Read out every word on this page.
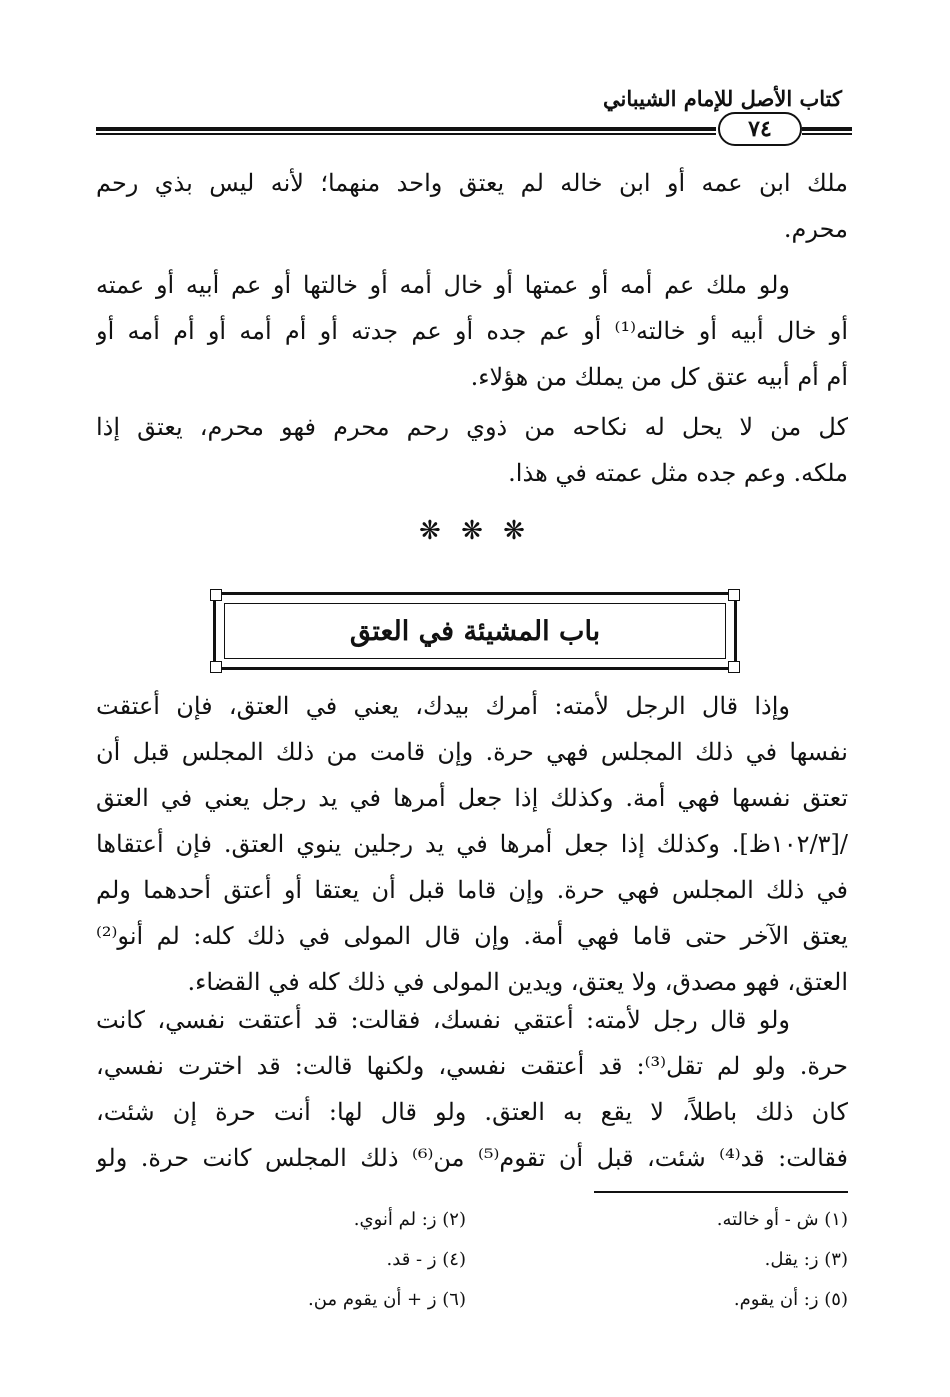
كتاب الأصل للإمام الشيباني
٧٤
ملك ابن عمه أو ابن خاله لم يعتق واحد منهما؛ لأنه ليس بذي رحم
محرم.
ولو ملك عم أمه أو عمتها أو خال أمه أو خالتها أو عم أبيه أو عمته
أو خال أبيه أو خالته⁽¹⁾ أو عم جده أو عم جدته أو أم أمه أو أم أمه أو
أم أم أبيه عتق كل من يملك من هؤلاء.
كل من لا يحل له نكاحه من ذوي رحم محرم فهو محرم، يعتق إذا
ملكه. وعم جده مثل عمته في هذا.
❋ ❋ ❋
باب المشيئة في العتق
وإذا قال الرجل لأمته: أمرك بيدك، يعني في العتق، فإن أعتقت
نفسها في ذلك المجلس فهي حرة. وإن قامت من ذلك المجلس قبل أن
تعتق نفسها فهي أمة. وكذلك إذا جعل أمرها في يد رجل يعني في العتق
/[١٠٢/٣ظ]. وكذلك إذا جعل أمرها في يد رجلين ينوي العتق. فإن أعتقاها
في ذلك المجلس فهي حرة. وإن قاما قبل أن يعتقا أو أعتق أحدهما ولم
يعتق الآخر حتى قاما فهي أمة. وإن قال المولى في ذلك كله: لم أنو⁽²⁾
العتق، فهو مصدق، ولا يعتق، ويدين المولى في ذلك كله في القضاء.
ولو قال رجل لأمته: أعتقي نفسك، فقالت: قد أعتقت نفسي، كانت
حرة. ولو لم تقل⁽³⁾: قد أعتقت نفسي، ولكنها قالت: قد اخترت نفسي،
كان ذلك باطلاً، لا يقع به العتق. ولو قال لها: أنت حرة إن شئت،
فقالت: قد⁽⁴⁾ شئت، قبل أن تقوم⁽⁵⁾ من⁽⁶⁾ ذلك المجلس كانت حرة. ولو
(١) ش - أو خالته.
(٢) ز: لم أنوي.
(٣) ز: يقل.
(٤) ز - قد.
(٥) ز: أن يقوم.
(٦) ز + أن يقوم من.
